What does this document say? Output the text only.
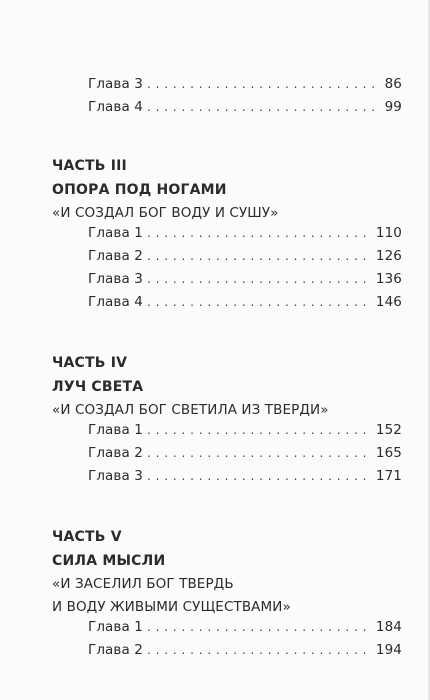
Глава 3 . . .	86
Глава 4 . . .	99
ЧАСТЬ III
ОПОРА ПОД НОГАМИ
«И СОЗДАЛ БОГ ВОДУ И СУШУ»
Глава 1 . . .	110
Глава 2 . . .	126
Глава 3 . . .	136
Глава 4 . . .	146
ЧАСТЬ IV
ЛУЧ СВЕТА
«И СОЗДАЛ БОГ СВЕТИЛА ИЗ ТВЕРДИ»
Глава 1 . . .	152
Глава 2 . . .	165
Глава 3 . . .	171
ЧАСТЬ V
СИЛА МЫСЛИ
«И ЗАСЕЛИЛ БОГ ТВЕРДЬ
И ВОДУ ЖИВЫМИ СУЩЕСТВАМИ»
Глава 1 . . .	184
Глава 2 . . .	194
